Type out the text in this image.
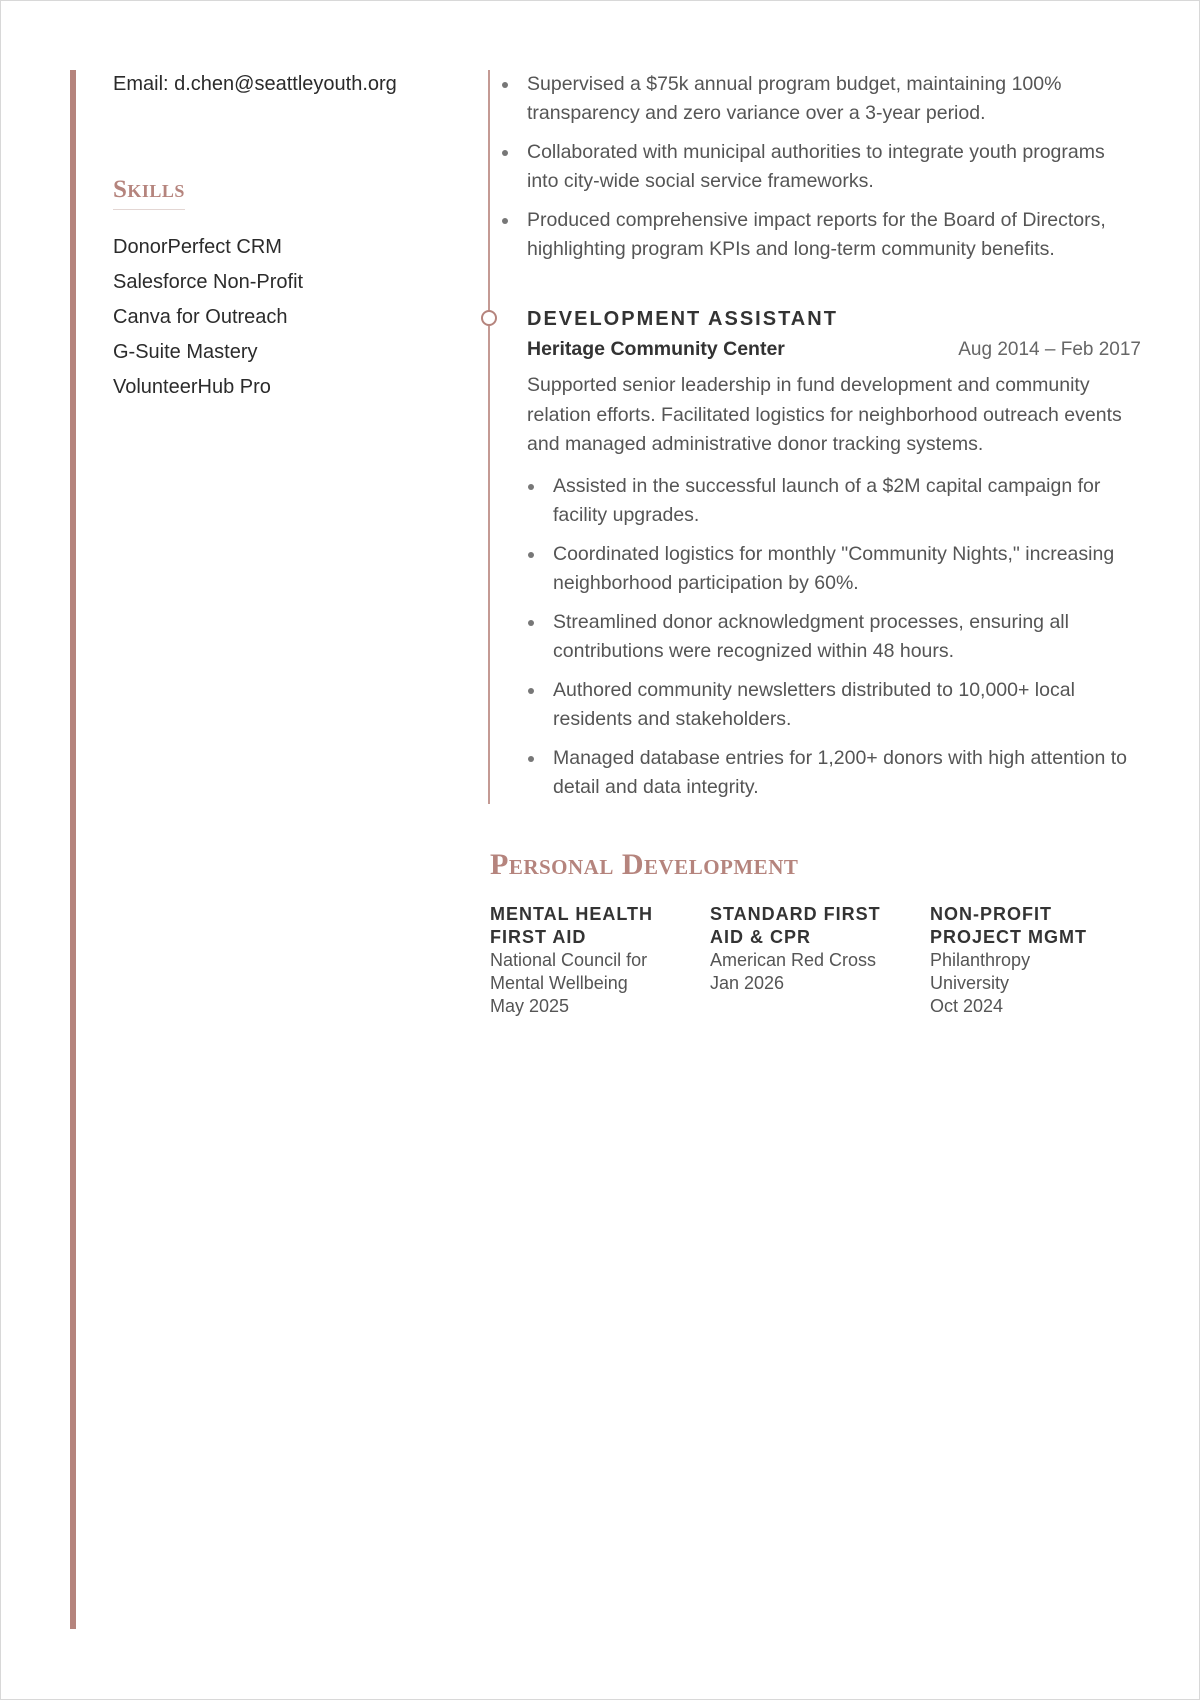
Email: d.chen@seattleyouth.org

Skills
DonorPerfect CRM
Salesforce Non-Profit
Canva for Outreach
G-Suite Mastery
VolunteerHub Pro
Supervised a $75k annual program budget, maintaining 100% transparency and zero variance over a 3-year period.
Collaborated with municipal authorities to integrate youth programs into city-wide social service frameworks.
Produced comprehensive impact reports for the Board of Directors, highlighting program KPIs and long-term community benefits.
DEVELOPMENT ASSISTANT
Heritage Community Center	Aug 2014 – Feb 2017

Supported senior leadership in fund development and community relation efforts. Facilitated logistics for neighborhood outreach events and managed administrative donor tracking systems.

Assisted in the successful launch of a $2M capital campaign for facility upgrades.
Coordinated logistics for monthly "Community Nights," increasing neighborhood participation by 60%.
Streamlined donor acknowledgment processes, ensuring all contributions were recognized within 48 hours.
Authored community newsletters distributed to 10,000+ local residents and stakeholders.
Managed database entries for 1,200+ donors with high attention to detail and data integrity.
Personal Development
MENTAL HEALTH
FIRST AID
National Council for
Mental Wellbeing
May 2025
STANDARD FIRST
AID & CPR
American Red Cross
Jan 2026
NON-PROFIT
PROJECT MGMT
Philanthropy
University
Oct 2024
